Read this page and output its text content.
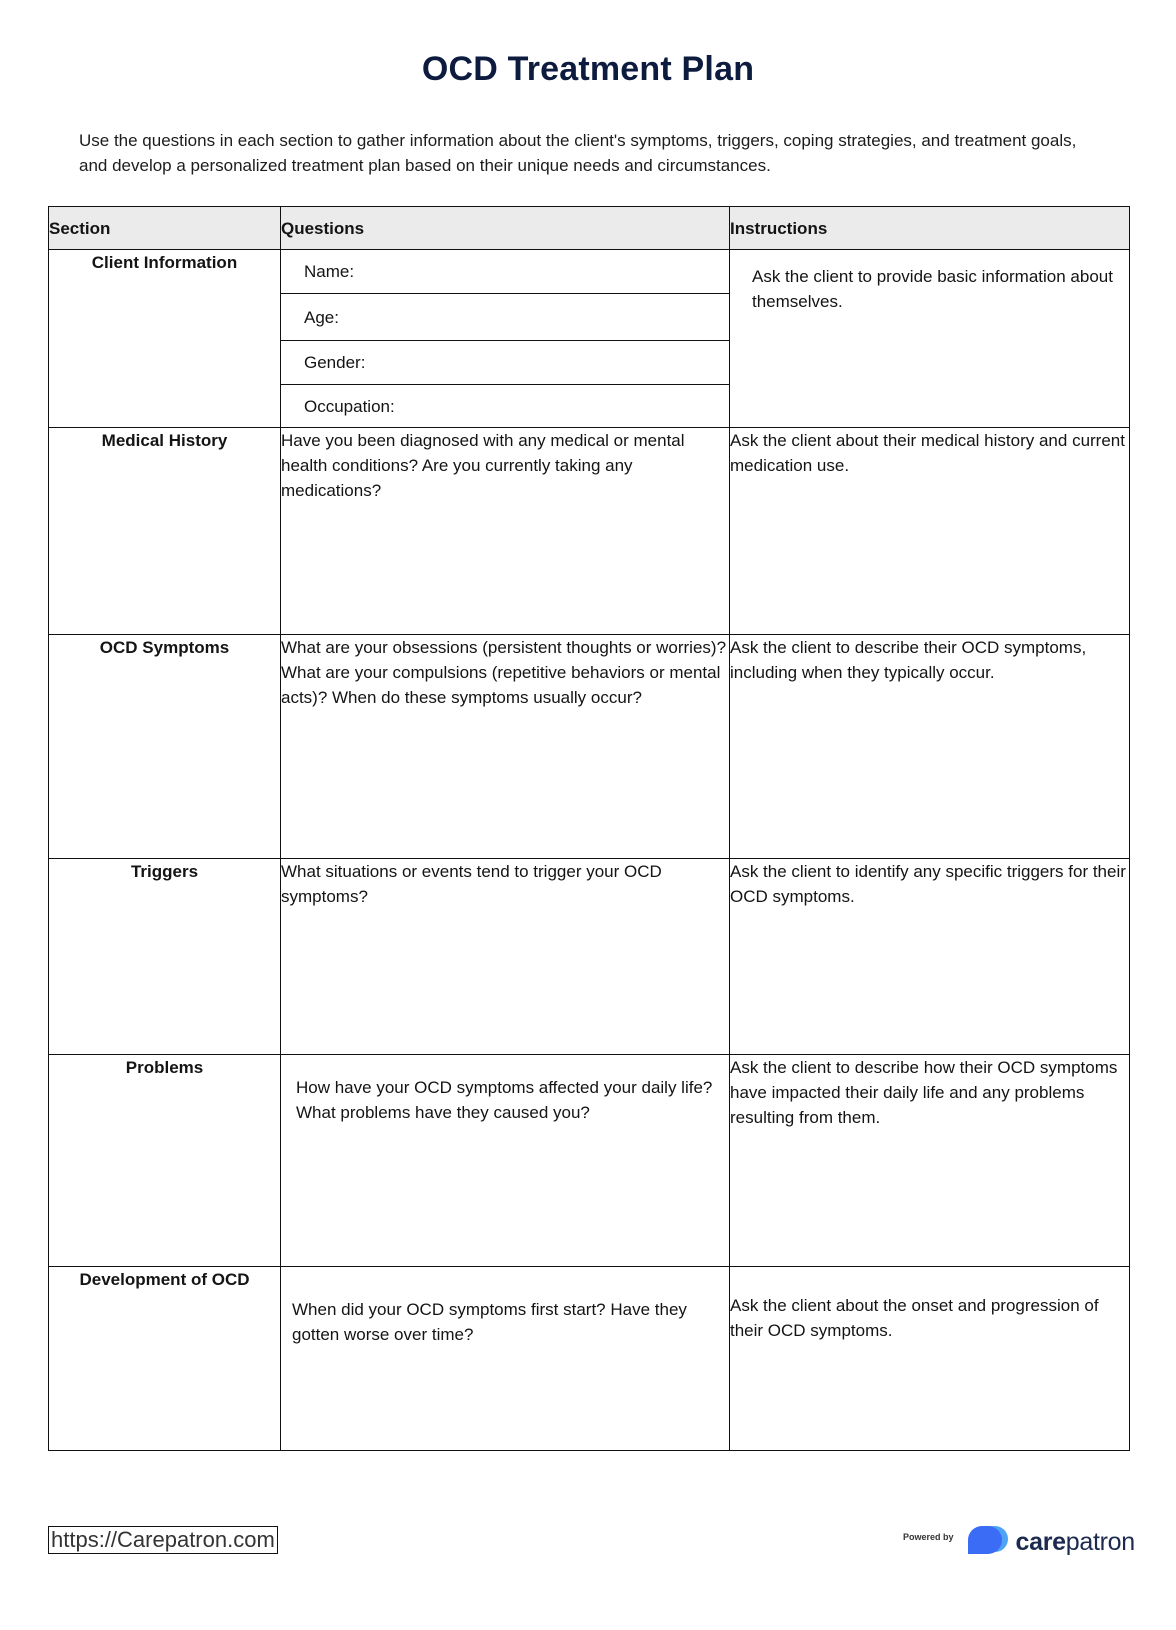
OCD Treatment Plan
Use the questions in each section to gather information about the client's symptoms, triggers, coping strategies, and treatment goals, and develop a personalized treatment plan based on their unique needs and circumstances.
Section	Questions	Instructions
Client Information	Name:
Age:
Gender:
Occupation:	Ask the client to provide basic information about themselves.
Medical History	Have you been diagnosed with any medical or mental health conditions? Are you currently taking any medications?	Ask the client about their medical history and current medication use.
OCD Symptoms	What are your obsessions (persistent thoughts or worries)? What are your compulsions (repetitive behaviors or mental acts)? When do these symptoms usually occur?	Ask the client to describe their OCD symptoms, including when they typically occur.
Triggers	What situations or events tend to trigger your OCD symptoms?	Ask the client to identify any specific triggers for their OCD symptoms.
Problems	How have your OCD symptoms affected your daily life? What problems have they caused you?	Ask the client to describe how their OCD symptoms have impacted their daily life and any problems resulting from them.
Development of OCD	When did your OCD symptoms first start? Have they gotten worse over time?	Ask the client about the onset and progression of their OCD symptoms.
https://Carepatron.com	Powered by carepatron
